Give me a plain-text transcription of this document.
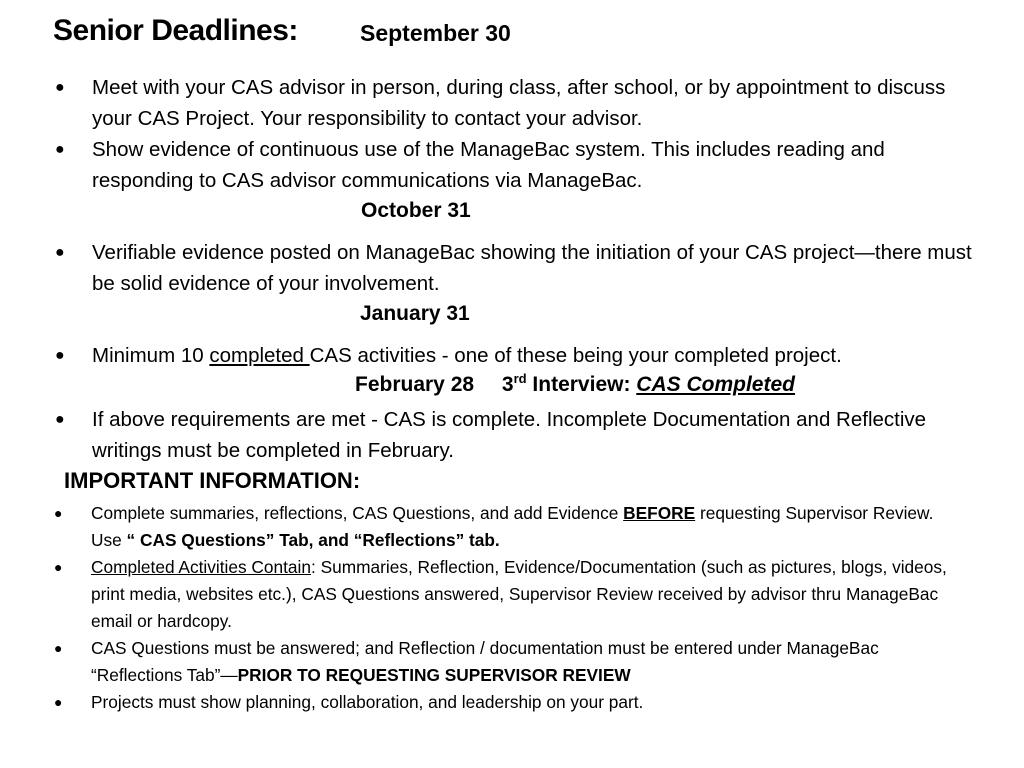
Senior Deadlines:	September 30
● Meet with your CAS advisor in person, during class, after school, or by appointment to discuss your CAS Project. Your responsibility to contact your advisor.
● Show evidence of continuous use of the ManageBac system. This includes reading and responding to CAS advisor communications via ManageBac.
October 31
● Verifiable evidence posted on ManageBac showing the initiation of your CAS project—there must be solid evidence of your involvement.
January 31
● Minimum 10 completed CAS activities - one of these being your completed project.
February 28 3rd Interview: CAS Completed
● If above requirements are met - CAS is complete. Incomplete Documentation and Reflective writings must be completed in February.
IMPORTANT INFORMATION:
● Complete summaries, reflections, CAS Questions, and add Evidence BEFORE requesting Supervisor Review. Use “ CAS Questions” Tab, and “Reflections” tab.
● Completed Activities Contain: Summaries, Reflection, Evidence/Documentation (such as pictures, blogs, videos, print media, websites etc.), CAS Questions answered, Supervisor Review received by advisor thru ManageBac email or hardcopy.
● CAS Questions must be answered; and Reflection / documentation must be entered under ManageBac “Reflections Tab”—PRIOR TO REQUESTING SUPERVISOR REVIEW
● Projects must show planning, collaboration, and leadership on your part.
